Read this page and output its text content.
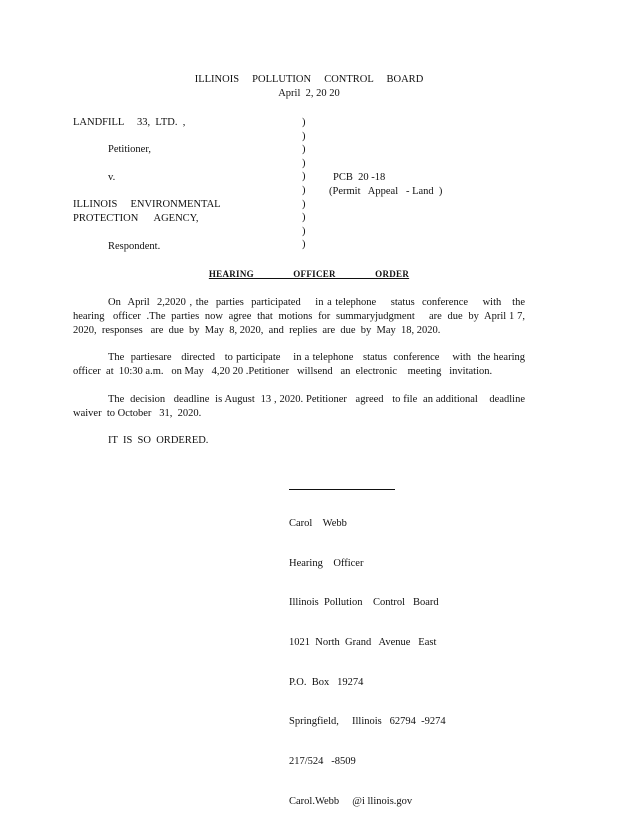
ILLINOIS     POLLUTION     CONTROL     BOARD
April  2, 20 20
LANDFILL     33,  LTD.  ,
Petitioner,
v.
ILLINOIS     ENVIRONMENTAL
PROTECTION      AGENCY,
Respondent.
)
)
)
)
)
)
)
)
)
)
PCB  20 -18
(Permit   Appeal   - Land  )
HEARING      OFFICER      ORDER
On  April  2,2020 , the  parties  participated    in a telephone    status  conference    with   the  hearing   officer  .The  parties  now  agree  that  motions  for  summaryjudgment     are  due  by  April 1 7, 2020,  responses   are  due  by  May  8, 2020,  and  replies  are  due  by  May  18, 2020.
The  partiesare   directed   to participate    in a telephone   status  conference    with  the hearing  officer  at  10:30 a.m.   on May   4,20 20 .Petitioner   willsend   an  electronic    meeting   invitation.
The  decision   deadline  is August  13 , 2020. Petitioner   agreed   to file  an additional    deadline  waiver  to October   31,  2020.
IT  IS  SO  ORDERED.

Carol    Webb

Hearing    Officer

Illinois  Pollution    Control   Board

1021  North  Grand   Avenue   East

P.O.  Box   19274

Springfield,     Illinois   62794  -9274

217/524   -8509

Carol.Webb     @i llinois.gov
